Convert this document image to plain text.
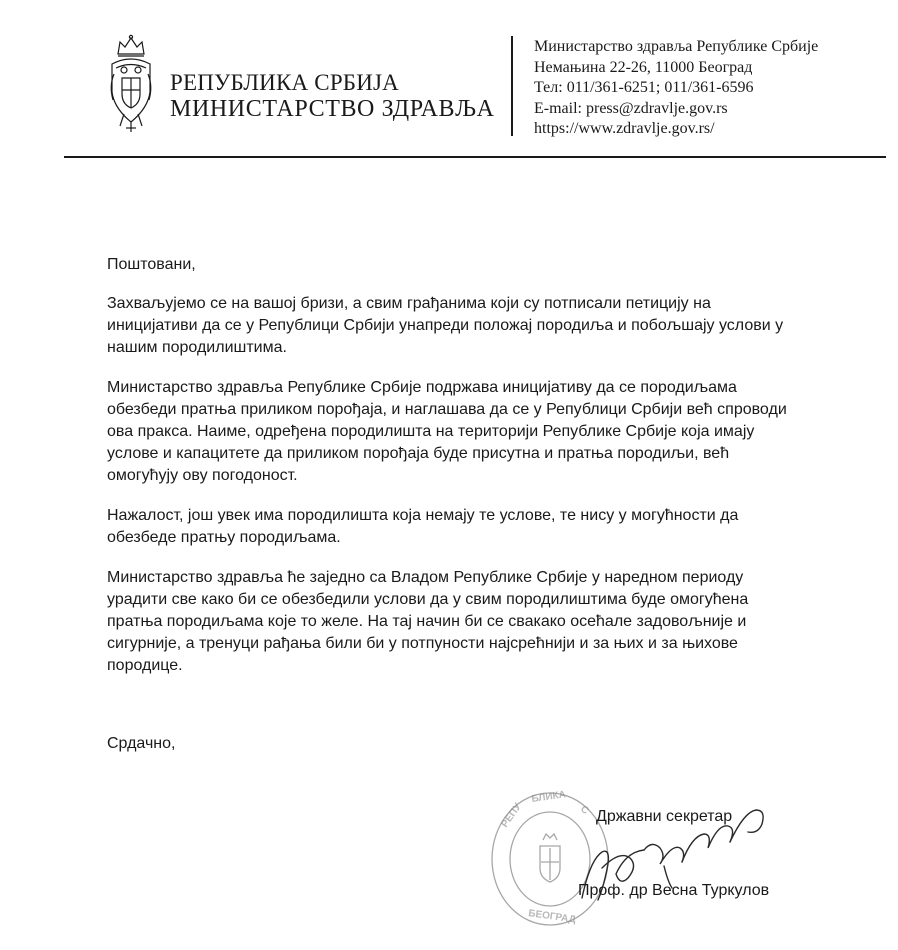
РЕПУБЛИКА СРБИЈА
МИНИСТАРСТВО ЗДРАВЉА
Министарство здравља Републике Србије
Немањина 22-26, 11000 Београд
Тел: 011/361-6251; 011/361-6596
E-mail: press@zdravlje.gov.rs
https://www.zdravlje.gov.rs/
Поштовани,
Захваљујемо се на вашој бризи, а свим грађанима који су потписали петицију на
иницијативи да се у Републици Србији унапреди положај породиља и побољшају услови у
нашим породилиштима.
Министарство здравља Републике Србије подржава иницијативу да се породиљама
обезбеди пратња приликом порођаја, и наглашава да се у Републици Србији већ спроводи
ова пракса. Наиме, одређена породилишта на територији Републике Србије која имају
услове и капацитете да приликом порођаја буде присутна и пратња породиљи, већ
омогућују ову погодоност.
Нажалост, још увек има породилишта која немају те услове, те нису у могућности да
обезбеде пратњу породиљама.
Министарство здравља ће заједно са Владом Републике Србије у наредном периоду
урадити све како би се обезбедили услови да у свим породилиштима буде омогућена
пратња породиљама које то желе. На тај начин би се свакако осећале задовољније и
сигурније, а тренуци рађања били би у потпуности најсрећнији и за њих и за њихове
породице.
Срдачно,
РЕПУ
БЛИКА
С
БЕОГРАД
Државни секретар
Проф. др Весна Туркулов
